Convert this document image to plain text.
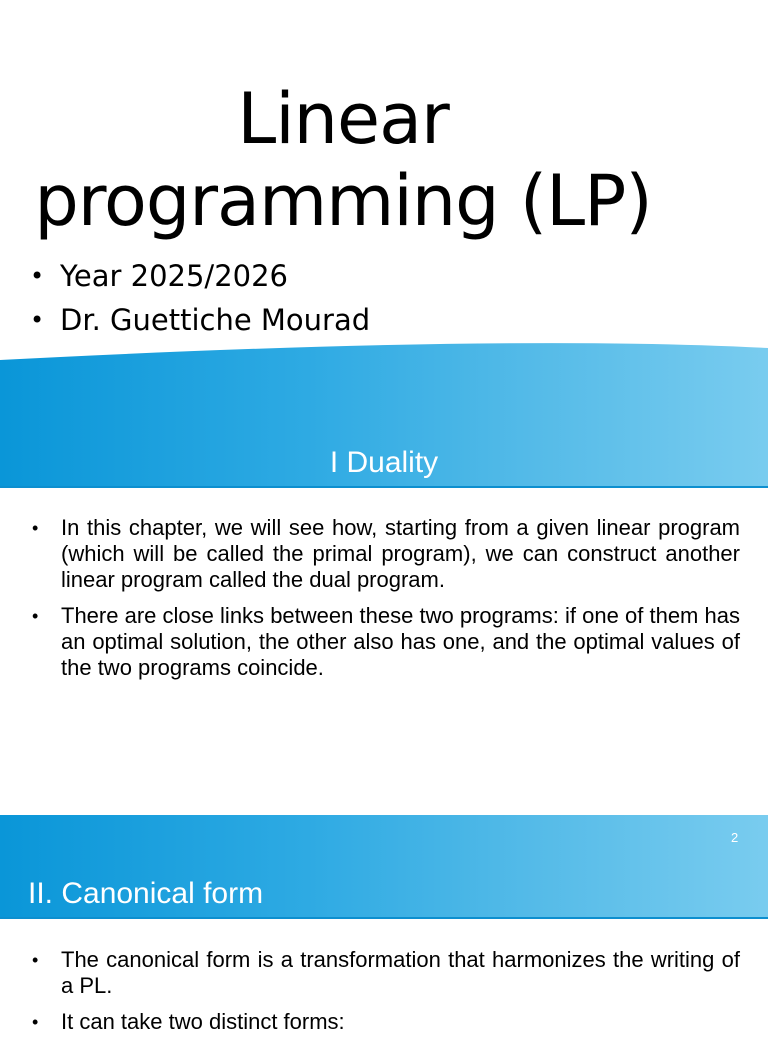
Linear
programming (LP)
• Year 2025/2026
• Dr. Guettiche Mourad
I Duality
• In this chapter, we will see how, starting from a given linear program (which will be called the primal program), we can construct another linear program called the dual program.
• There are close links between these two programs: if one of them has an optimal solution, the other also has one, and the optimal values of the two programs coincide.
2
II. Canonical form
• The canonical form is a transformation that harmonizes the writing of a PL.
• It can take two distinct forms:
